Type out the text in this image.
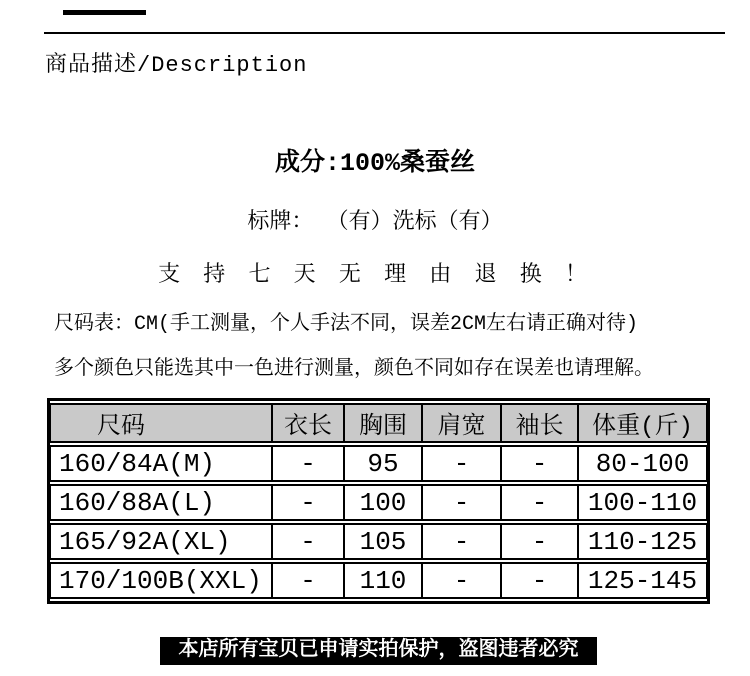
商品描述/Description
成分:100%桑蚕丝
标牌： （有）洗标（有）
支 持 七 天 无 理 由 退 换 ！
尺码表：CM(手工测量，个人手法不同，误差2CM左右请正确对待)
多个颜色只能选其中一色进行测量，颜色不同如存在误差也请理解。
尺码	衣长	胸围	肩宽	袖长	体重(斤)
160/84A(M)	-	95	-	-	80-100
160/88A(L)	-	100	-	-	100-110
165/92A(XL)	-	105	-	-	110-125
170/100B(XXL)	-	110	-	-	125-145
本店所有宝贝已申请实拍保护，盗图违者必究
